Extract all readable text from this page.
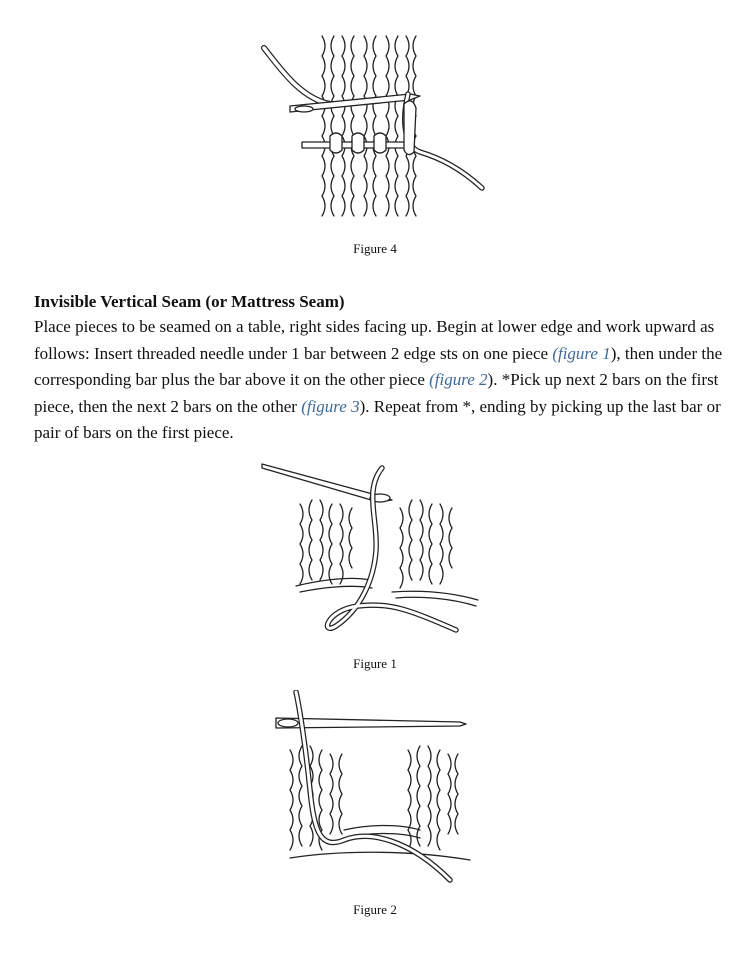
Figure 4
Invisible Vertical Seam (or Mattress Seam)
Place pieces to be seamed on a table, right sides facing up. Begin at lower edge and work upward as follows: Insert threaded needle under 1 bar between 2 edge sts on one piece (figure 1), then under the corresponding bar plus the bar above it on the other piece (figure 2). *Pick up next 2 bars on the first piece, then the next 2 bars on the other (figure 3). Repeat from *, ending by picking up the last bar or pair of bars on the first piece.
Figure 1
Figure 2
